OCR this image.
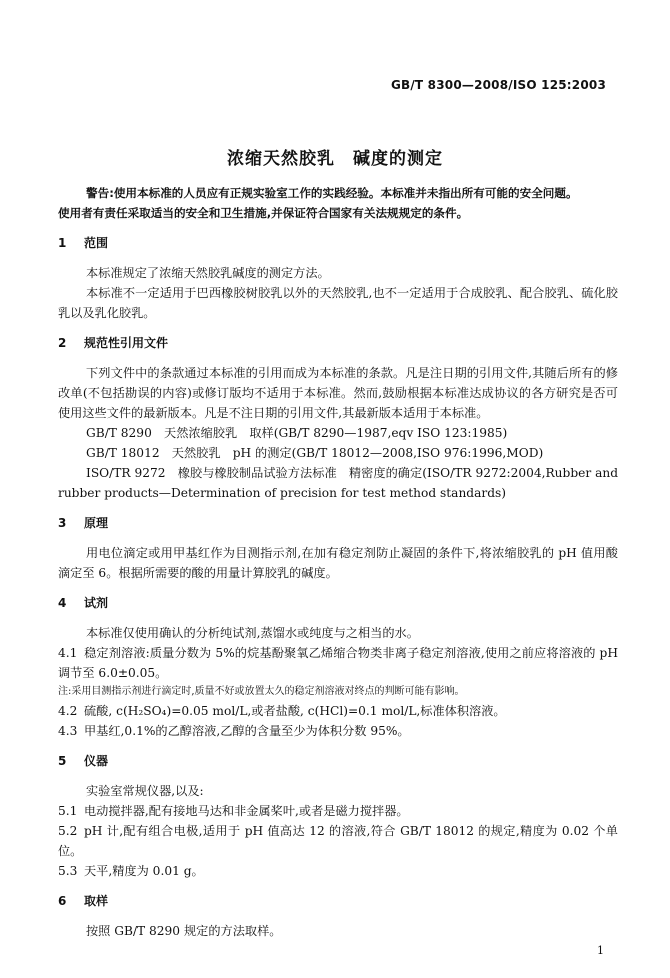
GB/T 8300—2008/ISO 125:2003
浓缩天然胶乳　碱度的测定

警告:使用本标准的人员应有正规实验室工作的实践经验。本标准并未指出所有可能的安全问题。

使用者有责任采取适当的安全和卫生措施,并保证符合国家有关法规规定的条件。

1 范围

本标准规定了浓缩天然胶乳碱度的测定方法。

本标准不一定适用于巴西橡胶树胶乳以外的天然胶乳,也不一定适用于合成胶乳、配合胶乳、硫化胶乳以及乳化胶乳。

2 规范性引用文件

下列文件中的条款通过本标准的引用而成为本标准的条款。凡是注日期的引用文件,其随后所有的修改单(不包括勘误的内容)或修订版均不适用于本标准。然而,鼓励根据本标准达成协议的各方研究是否可使用这些文件的最新版本。凡是不注日期的引用文件,其最新版本适用于本标准。

GB/T 8290　天然浓缩胶乳　取样(GB/T 8290—1987,eqv ISO 123:1985)

GB/T 18012　天然胶乳　pH 的测定(GB/T 18012—2008,ISO 976:1996,MOD)

ISO/TR 9272　橡胶与橡胶制品试验方法标准　精密度的确定(ISO/TR 9272:2004,Rubber and rubber products—Determination of precision for test method standards)

3 原理

用电位滴定或用甲基红作为目测指示剂,在加有稳定剂防止凝固的条件下,将浓缩胶乳的 pH 值用酸滴定至 6。根据所需要的酸的用量计算胶乳的碱度。

4 试剂

本标准仅使用确认的分析纯试剂,蒸馏水或纯度与之相当的水。

4.1 稳定剂溶液:质量分数为 5%的烷基酚聚氧乙烯缩合物类非离子稳定剂溶液,使用之前应将溶液的 pH 调节至 6.0±0.05。

注:采用目测指示剂进行滴定时,质量不好或放置太久的稳定剂溶液对终点的判断可能有影响。

4.2 硫酸, c(H₂SO₄)=0.05 mol/L,或者盐酸, c(HCl)=0.1 mol/L,标准体积溶液。

4.3 甲基红,0.1%的乙醇溶液,乙醇的含量至少为体积分数 95%。

5 仪器

实验室常规仪器,以及:

5.1 电动搅拌器,配有接地马达和非金属桨叶,或者是磁力搅拌器。

5.2 pH 计,配有组合电极,适用于 pH 值高达 12 的溶液,符合 GB/T 18012 的规定,精度为 0.02 个单位。

5.3 天平,精度为 0.01 g。

6 取样

按照 GB/T 8290 规定的方法取样。

1
